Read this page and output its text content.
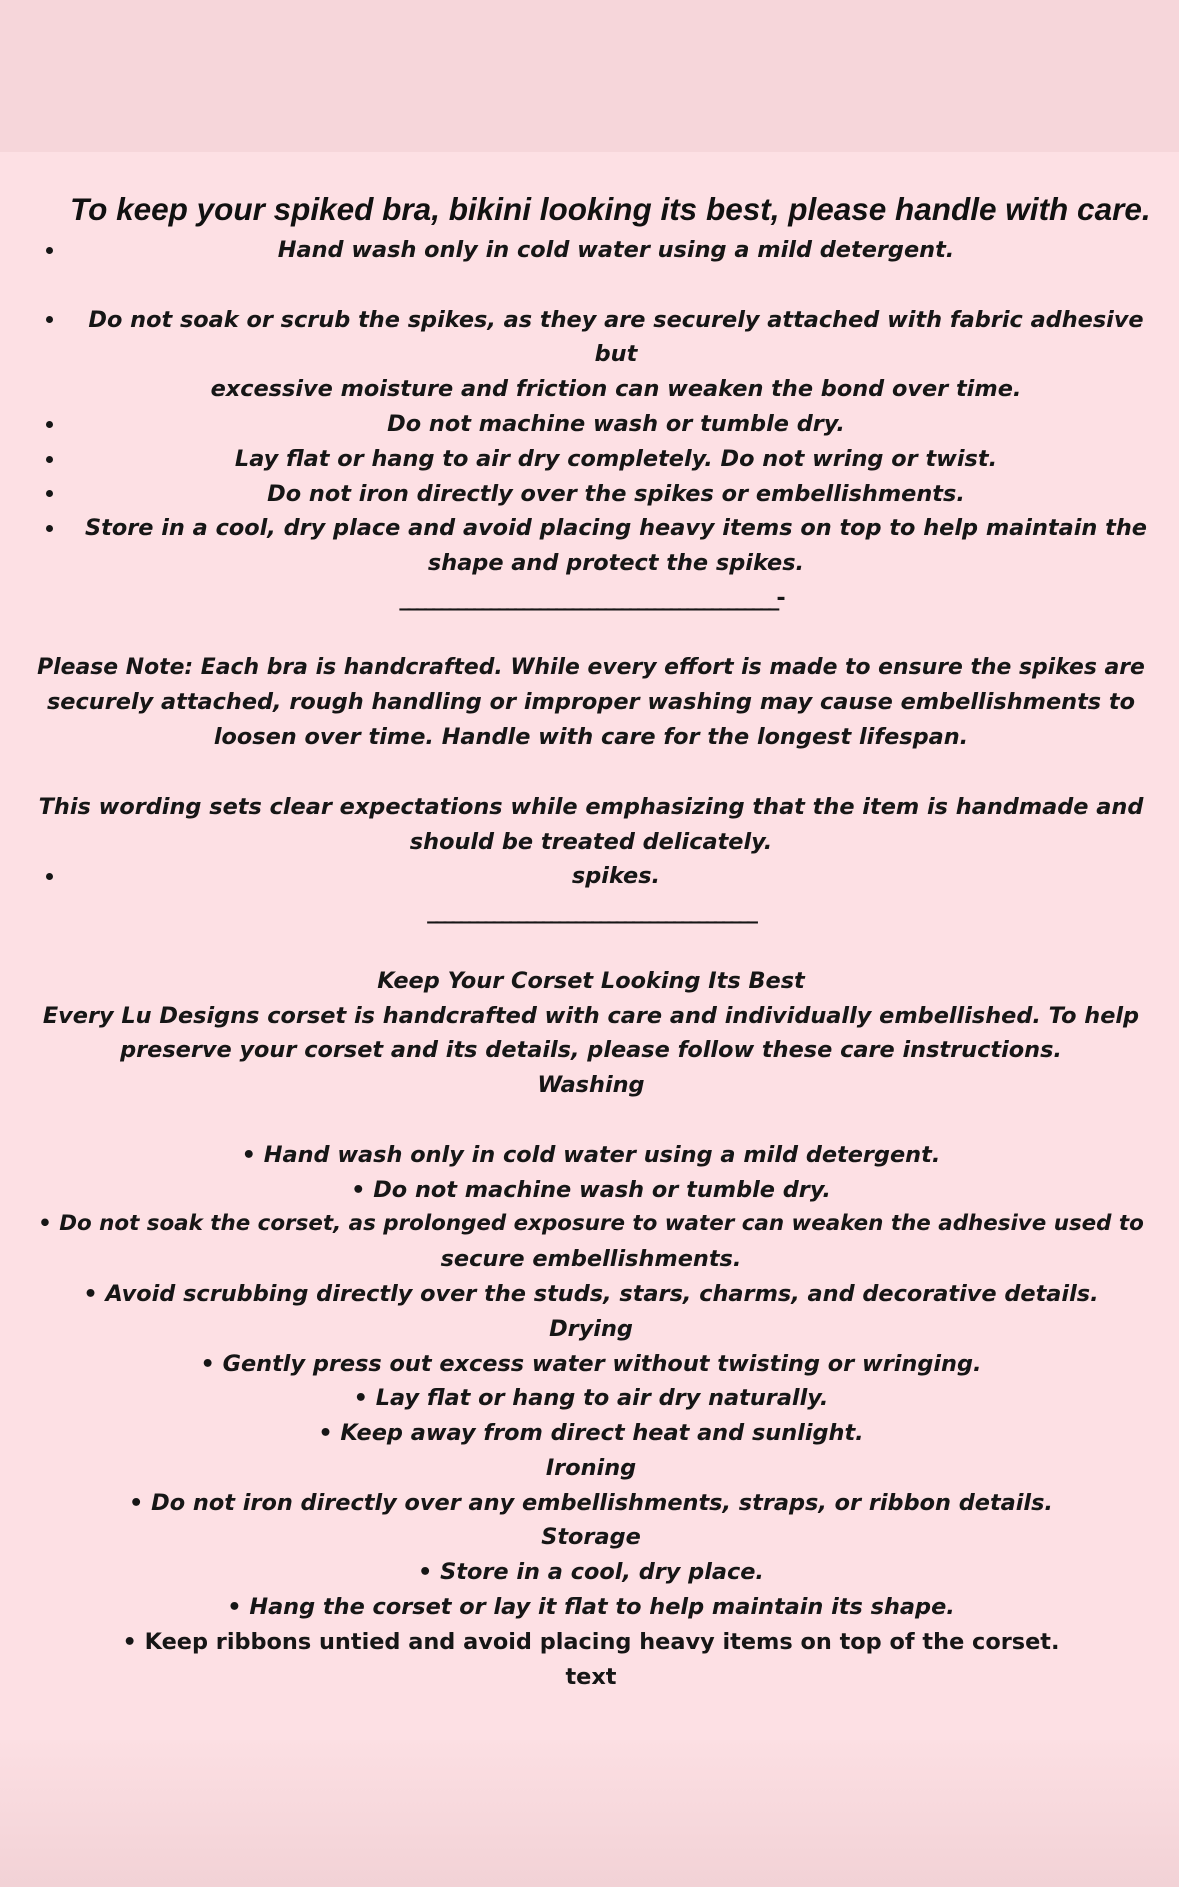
To keep your spiked bra, bikini looking its best, please handle with care.

Hand wash only in cold water using a mild detergent.
Do not soak or scrub the spikes, as they are securely attached with fabric adhesive but
excessive moisture and friction can weaken the bond over time.
Do not machine wash or tumble dry.
Lay flat or hang to air dry completely. Do not wring or twist.
Do not iron directly over the spikes or embellishments.
Store in a cool, dry place and avoid placing heavy items on top to help maintain the
shape and protect the spikes.
______________________________________________-

Please Note: Each bra is handcrafted. While every effort is made to ensure the spikes are

securely attached, rough handling or improper washing may cause embellishments to

loosen over time. Handle with care for the longest lifespan.

This wording sets clear expectations while emphasizing that the item is handmade and

should be treated delicately.

spikes.
________________________________________

Keep Your Corset Looking Its Best

Every Lu Designs corset is handcrafted with care and individually embellished. To help

preserve your corset and its details, please follow these care instructions.

Washing

• Hand wash only in cold water using a mild detergent.

• Do not machine wash or tumble dry.

• Do not soak the corset, as prolonged exposure to water can weaken the adhesive used to

secure embellishments.

• Avoid scrubbing directly over the studs, stars, charms, and decorative details.

Drying

• Gently press out excess water without twisting or wringing.

• Lay flat or hang to air dry naturally.

• Keep away from direct heat and sunlight.

Ironing

• Do not iron directly over any embellishments, straps, or ribbon details.

Storage

• Store in a cool, dry place.

• Hang the corset or lay it flat to help maintain its shape.

• Keep ribbons untied and avoid placing heavy items on top of the corset.

text
